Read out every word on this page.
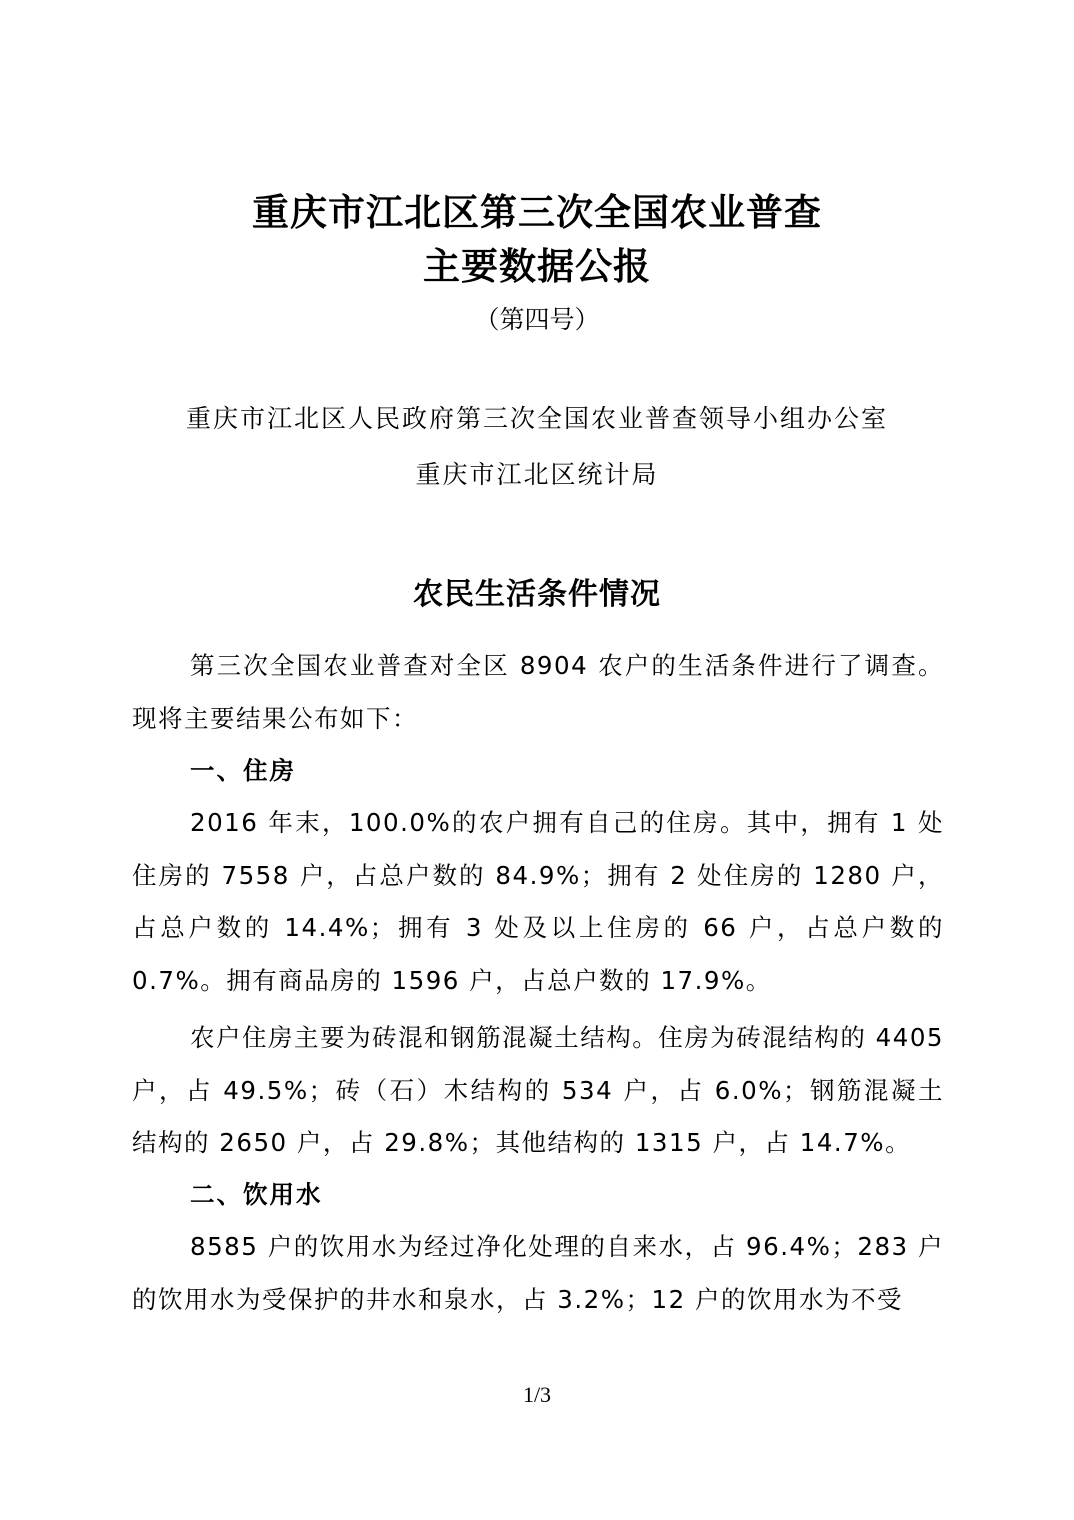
重庆市江北区第三次全国农业普查
主要数据公报
（第四号）
重庆市江北区人民政府第三次全国农业普查领导小组办公室
重庆市江北区统计局
农民生活条件情况

第三次全国农业普查对全区 8904 农户的生活条件进行了调查。现将主要结果公布如下：

一、住房

2016 年末，100.0%的农户拥有自己的住房。其中，拥有 1 处住房的 7558 户，占总户数的 84.9%；拥有 2 处住房的 1280 户，占总户数的 14.4%；拥有 3 处及以上住房的 66 户，占总户数的 0.7%。拥有商品房的 1596 户，占总户数的 17.9%。

农户住房主要为砖混和钢筋混凝土结构。住房为砖混结构的 4405 户，占 49.5%；砖（石）木结构的 534 户，占 6.0%；钢筋混凝土结构的 2650 户，占 29.8%；其他结构的 1315 户，占 14.7%。

二、饮用水

8585 户的饮用水为经过净化处理的自来水，占 96.4%；283 户的饮用水为受保护的井水和泉水，占 3.2%；12 户的饮用水为不受

1/3
